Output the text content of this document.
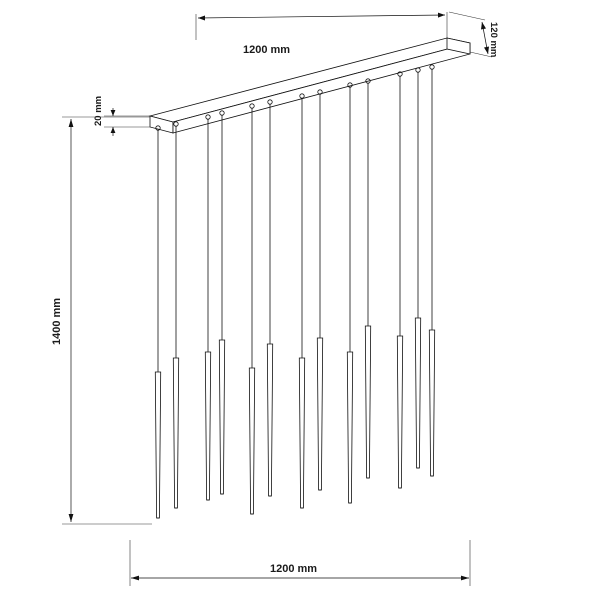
1200 mm	120 mm
20 mm
1400 mm
1200 mm
